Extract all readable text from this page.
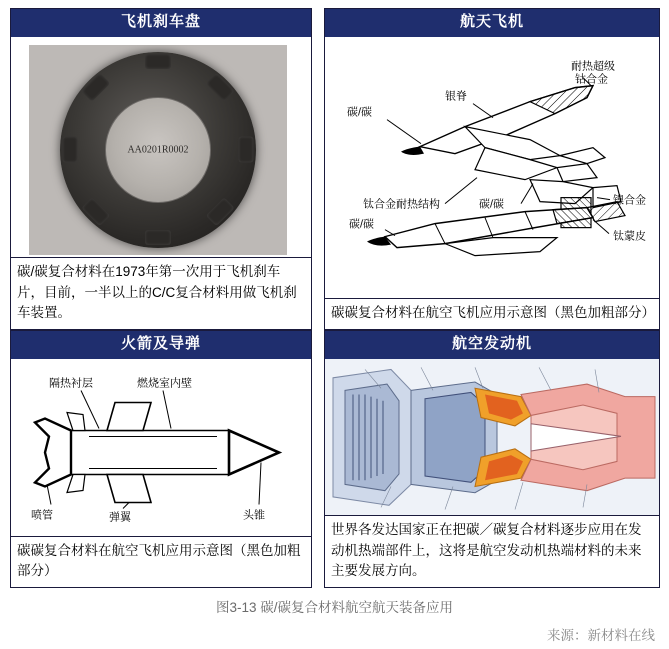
飞机刹车盘
AA0201R0002
碳/碳复合材料在1973年第一次用于飞机刹车片，目前，一半以上的C/C复合材料用做飞机刹车装置。
航天飞机
碳/碳
银脊
耐热超级
钴合金
钛合金耐热结构	碳/碳	镍合金
碳/碳
钛蒙皮
碳碳复合材料在航空飞机应用示意图（黑色加粗部分）
火箭及导弹
隔热衬层	燃烧室内壁
喷管	弹翼	头锥
碳碳复合材料在航空飞机应用示意图（黑色加粗部分）
航空发动机
世界各发达国家正在把碳／碳复合材料逐步应用在发动机热端部件上，这将是航空发动机热端材料的未来主要发展方向。
图3-13 碳/碳复合材料航空航天装备应用
来源：新材料在线
